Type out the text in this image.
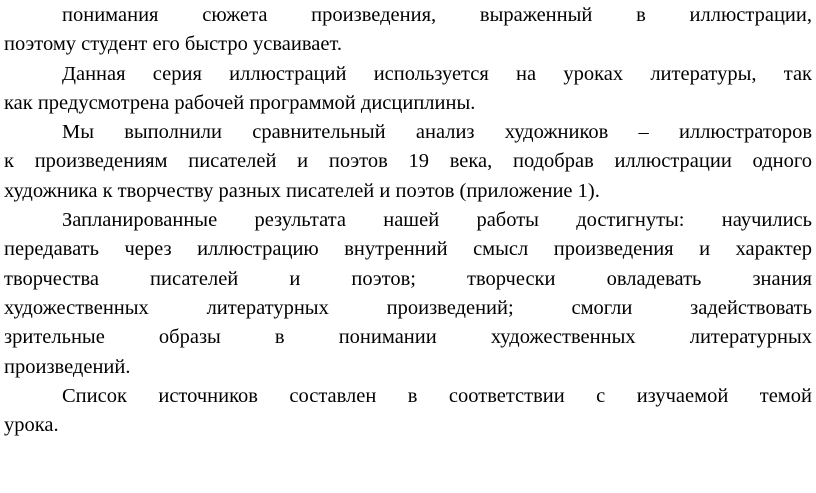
понимания сюжета произведения, выраженный в иллюстрации,
поэтому студент его быстро усваивает.
Данная серия иллюстраций используется на уроках литературы, так
как предусмотрена рабочей программой дисциплины.
Мы выполнили сравнительный анализ художников – иллюстраторов
к произведениям писателей и поэтов 19 века, подобрав иллюстрации одного
художника к творчеству разных писателей и поэтов (приложение 1).
Запланированные результата нашей работы достигнуты: научились
передавать через иллюстрацию внутренний смысл произведения и характер
творчества писателей и поэтов; творчески овладевать знания
художественных литературных произведений; смогли задействовать
зрительные образы в понимании художественных литературных
произведений.
Список источников составлен в соответствии с изучаемой темой
урока.
